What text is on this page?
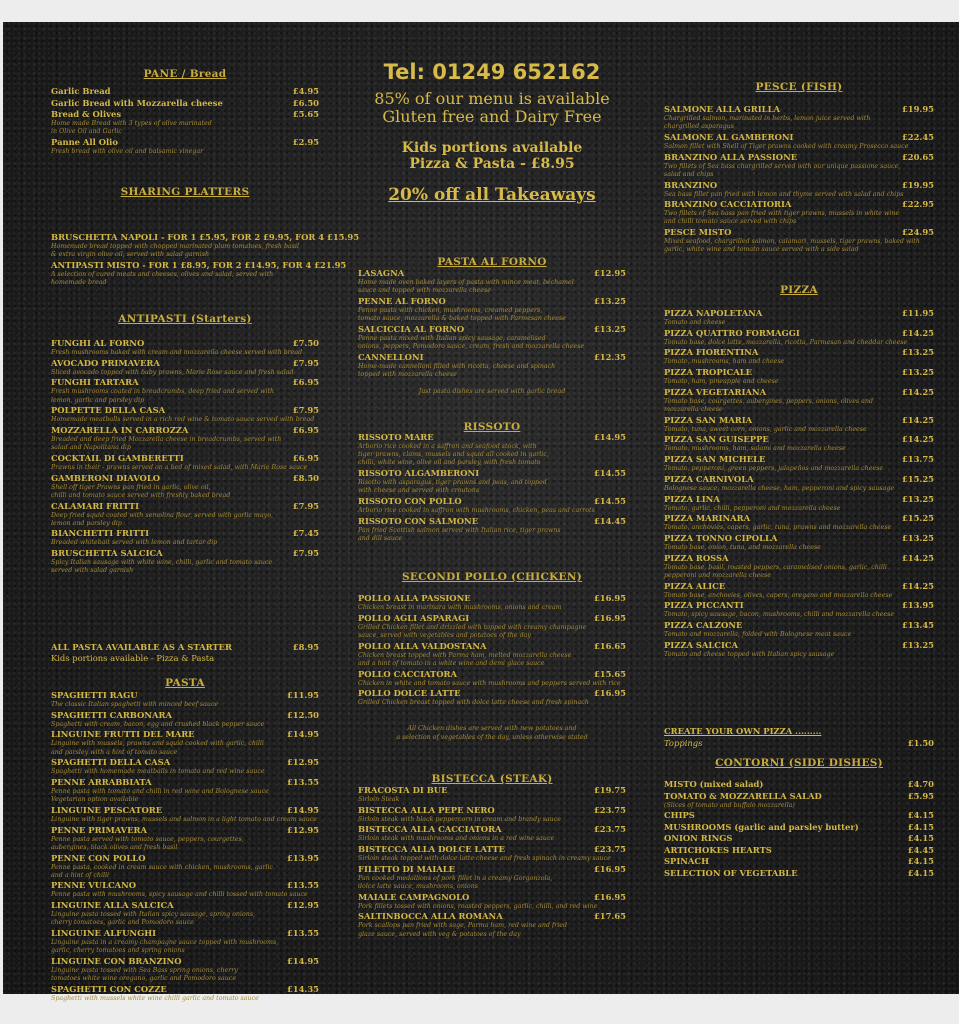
PANE / Bread
Garlic Bread	£4.95
Garlic Bread with Mozzarella cheese	£6.50
Bread & Olives	£5.65
Home made Bread with 3 types of olive marinated
in Olive Oil and Garlic
Panne All Olio	£2.95
Fresh bread with olive oil and balsamic vinegar
SHARING PLATTERS
BRUSCHETTA NAPOLI - FOR 1 £5.95, FOR 2 £9.95, FOR 4 £15.95
Homemade bread topped with chopped marinated plum tomatoes, fresh basil
& extra virgin olive oil, served with salad garnish
ANTIPASTI MISTO - FOR 1 £8.95, FOR 2 £14.95, FOR 4 £21.95
A selection of cured meats and cheeses, olives and salad, served with
homemade bread
ANTIPASTI (Starters)
FUNGHI AL FORNO	£7.50
Fresh mushrooms baked with cream and mozzarella cheese served with bread
AVOCADO PRIMAVERA	£7.95
Sliced avocado topped with baby prawns, Marie Rose sauce and fresh salad
FUNGHI TARTARA	£6.95
Fresh mushrooms coated in breadcrumbs, deep fried and served with
lemon, garlic and parsley dip
POLPETTE DELLA CASA	£7.95
Homemade meatballs served in a rich red wine & tomato sauce served with bread
MOZZARELLA IN CARROZZA	£6.95
Breaded and deep fried Mozzarella cheese in breadcrumbs, served with
salad and Napolitana dip
COCKTAIL DI GAMBERETTI	£6.95
Prawns in their - prawns served on a bed of mixed salad, with Marie Rose sauce
GAMBERONI DIAVOLO	£8.50
Shell off tiger Prawns pan fried in garlic, olive oil,
chilli and tomato sauce served with freshly baked bread
CALAMARI FRITTI	£7.95
Deep fried squid coated with semolina flour, served with garlic mayo,
lemon and parsley dip
BIANCHETTI FRITTI	£7.45
Breaded whitebait served with lemon and tartar dip
BRUSCHETTA SALCICA	£7.95
Spicy Italian sausage with white wine, chilli, garlic and tomato sauce
served with salad garnish
PASTA
SPAGHETTI RAGU	£11.95
The classic Italian spaghetti with minced beef sauce
SPAGHETTI CARBONARA	£12.50
Spaghetti with cream, bacon, egg and crushed black pepper sauce
LINGUINE FRUTTI DEL MARE	£14.95
Linguine with mussels, prawns and squid cooked with garlic, chilli
and parsley with a hint of tomato sauce
SPAGHETTI DELLA CASA	£12.95
Spaghetti with homemade meatballs in tomato and red wine sauce
PENNE ARRABBIATA	£13.55
Penne pasta with tomato and chilli in red wine and Bolognese sauce
Vegetarian option available
LINGUINE PESCATORE	£14.95
Linguine with tiger prawns, mussels and salmon in a light tomato and cream sauce
PENNE PRIMAVERA	£12.95
Penne pasta served with tomato sauce, peppers, courgettes,
aubergines, black olives and fresh basil
PENNE CON POLLO	£13.95
Penne pasta, cooked in cream sauce with chicken, mushrooms, garlic
and a hint of chilli
PENNE VULCANO	£13.55
Penne pasta with mushrooms, spicy sausage and chilli tossed with tomato sauce
LINGUINE ALLA SALCICA	£12.95
Linguine pasta tossed with Italian spicy sausage, spring onions,
cherry tomatoes, garlic and Pomodoro sauce
LINGUINE ALFUNGHI	£13.55
Linguine pasta in a creamy champagne sauce topped with mushrooms,
garlic, cherry tomatoes and spring onions
LINGUINE CON BRANZINO	£14.95
Linguine pasta tossed with Sea Bass spring onions, cherry
tomatoes white wine oregano, garlic and Pomodoro sauce
SPAGHETTI CON COZZE	£14.35
Spaghetti with mussels white wine chilli garlic and tomato sauce
ALL PASTA AVAILABLE AS A STARTER	£8.95
Kids portions available - Pizza & Pasta
Tel: 01249 652162
85% of our menu is available
Gluten free and Dairy Free
Kids portions available
Pizza & Pasta - £8.95
20% off all Takeaways
PASTA AL FORNO
LASAGNA	£12.95
Home made oven baked layers of pasta with mince meat, béchamel
sauce and topped with mozzarella cheese
PENNE AL FORNO	£13.25
Penne pasta with chicken, mushrooms, creamed peppers,
tomato sauce, mozzarella & baked topped with Parmesan cheese
SALCICCIA AL FORNO	£13.25
Penne pasta mixed with Italian spicy sausage, caramelised
onions, peppers, Pomodoro sauce, cream, fresh and mozzarella cheese
CANNELLONI	£12.35
Home-made cannelloni filled with ricotta, cheese and spinach
topped with mozzarella cheese
RISSOTO
RISSOTO MARE	£14.95
Arborio rice cooked in a saffron and seafood stock, with
tiger prawns, clams, mussels and squid all cooked in garlic,
chilli, white wine, olive oil and parsley, with fresh tomato
RISSOTO ALGAMBERONI	£14.55
Risotto with asparagus, tiger prawns and peas, and topped
with cheese and served with croutons
RISSOTO CON POLLO	£14.55
Arborio rice cooked in saffron with mushrooms, chicken, peas and carrots
RISSOTO CON SALMONE	£14.45
Pan fried Scottish salmon served with Italian rice, tiger prawns
and dill sauce
SECONDI POLLO (CHICKEN)
POLLO ALLA PASSIONE	£16.95
Chicken breast in marinara with mushrooms, onions and cream
POLLO AGLI ASPARAGI	£16.95
Grilled Chicken fillet and drizzled with topped with creamy champagne
sauce, served with vegetables and potatoes of the day
POLLO ALLA VALDOSTANA	£16.65
Chicken breast topped with Parma ham, melted mozzarella cheese
and a hint of tomato in a white wine and demi glace sauce
POLLO CACCIATORA	£15.65
Chicken in white and tomato sauce with mushrooms and peppers served with rice
POLLO DOLCE LATTE	£16.95
Grilled Chicken breast topped with dolce latte cheese and fresh spinach
BISTECCA (STEAK)
FRACOSTA DI BUE	£19.75
Sirloin Steak
BISTECCA ALLA PEPE NERO	£23.75
Sirloin steak with black peppercorn in cream and brandy sauce
BISTECCA ALLA CACCIATORA	£23.75
Sirloin steak with mushrooms and onions in a red wine sauce
BISTECCA ALLA DOLCE LATTE	£23.75
Sirloin steak topped with dolce latte cheese and fresh spinach in creamy sauce
FILETTO DI MAIALE	£16.95
Pan cooked medallions of pork fillet in a creamy Gorgonzola,
dolce latte sauce, mushrooms, onions
MAIALE CAMPAGNOLO	£16.95
Pork fillets tossed with onions, roasted peppers, garlic, chilli, and red wine
SALTINBOCCA ALLA ROMANA	£17.65
Pork scallops pan fried with sage, Parma ham, red wine and fried
glaze sauce, served with veg & potatoes of the day
Just pasta dishes are served with garlic bread
All Chicken dishes are served with new potatoes and
a selection of vegetables of the day, unless otherwise stated
PESCE (FISH)
SALMONE ALLA GRILLA	£19.95
Chargrilled salmon, marinated in herbs, lemon juice served with
chargrilled asparagus
SALMONE AL GAMBERONI	£22.45
Salmon fillet with Shell of Tiger prawns cooked with creamy Prosecco sauce
BRANZINO ALLA PASSIONE	£20.65
Two fillets of Sea bass chargrilled served with our unique passione sauce,
salad and chips
BRANZINO	£19.95
Sea bass fillet pan fried with lemon and thyme served with salad and chips
BRANZINO CACCIATIORIA	£22.95
Two fillets of Sea bass pan fried with tiger prawns, mussels in white wine
and chilli tomato sauce served with chips
PESCE MISTO	£24.95
Mixed seafood, chargrilled salmon, calamari, mussels, tiger prawns, baked with
garlic, white wine and tomato sauce served with a side salad
PIZZA
PIZZA NAPOLETANA	£11.95
Tomato and cheese
PIZZA QUATTRO FORMAGGI	£14.25
Tomato base, dolce latte, mozzarella, ricotta, Parmesan and cheddar cheese
PIZZA FIORENTINA	£13.25
Tomato, mushrooms, ham and cheese
PIZZA TROPICALE	£13.25
Tomato, ham, pineapple and cheese
PIZZA VEGETARIANA	£14.25
Tomato base, courgettes, aubergines, peppers, onions, olives and
mozzarella cheese
PIZZA SAN MARIA	£14.25
Tomato, tuna, sweet corn, onions, garlic and mozzarella cheese
PIZZA SAN GUISEPPE	£14.25
Tomato, mushrooms, ham, salami and mozzarella cheese
PIZZA SAN MICHELE	£13.75
Tomato, pepperoni, green peppers, jalapeños and mozzarella cheese
PIZZA CARNIVOLA	£15.25
Bolognese sauce, mozzarella cheese, ham, pepperoni and spicy sausage
PIZZA LINA	£13.25
Tomato, garlic, chilli, pepperoni and mozzarella cheese
PIZZA MARINARA	£15.25
Tomato, anchovies, capers, garlic, tuna, prawns and mozzarella cheese
PIZZA TONNO CIPOLLA	£13.25
Tomato base, onion, tuna, and mozzarella cheese
PIZZA ROSSA	£14.25
Tomato base, basil, roasted peppers, caramelised onions, garlic, chilli
pepperoni and mozzarella cheese
PIZZA ALICE	£14.25
Tomato base, anchovies, olives, capers, oregano and mozzarella cheese
PIZZA PICCANTI	£13.95
Tomato, spicy sausage, bacon, mushrooms, chilli and mozzarella cheese
PIZZA CALZONE	£13.45
Tomato and mozzarella, folded with Bolognese meat sauce
PIZZA SALCICA	£13.25
Tomato and cheese topped with Italian spicy sausage
CONTORNI (SIDE DISHES)
MISTO (mixed salad)	£4.70
TOMATO & MOZZARELLA SALAD	£5.95
(Slices of tomato and buffalo mozzarella)
CHIPS	£4.15
MUSHROOMS (garlic and parsley butter)	£4.15
ONION RINGS	£4.15
ARTICHOKES HEARTS	£4.45
SPINACH	£4.15
SELECTION OF VEGETABLE	£4.15
CREATE YOUR OWN PIZZA .........
Toppings	£1.50
